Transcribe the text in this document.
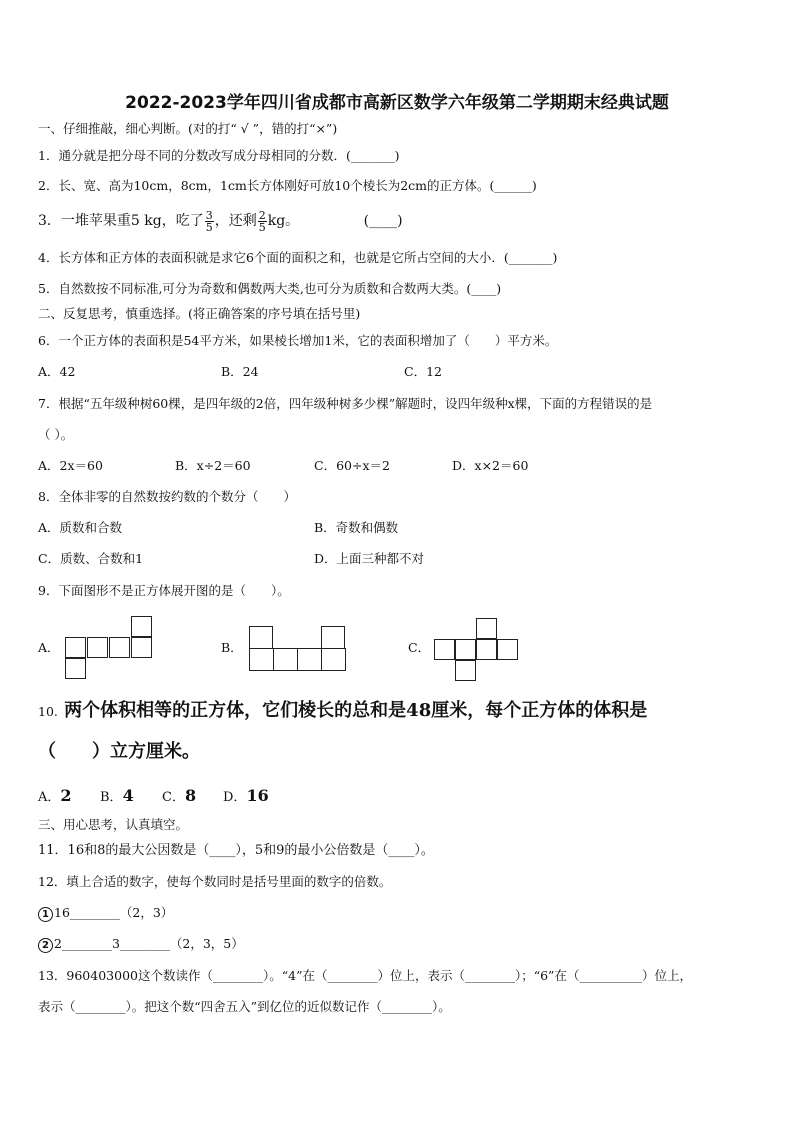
2022-2023学年四川省成都市高新区数学六年级第二学期期末经典试题
一、仔细推敲，细心判断。(对的打“ √ ”，错的打“×”)
1．通分就是把分母不同的分数改写成分母相同的分数．(_______)
2．长、宽、高为10cm，8cm，1cm长方体刚好可放10个棱长为2cm的正方体。(______)
3．一堆苹果重5 kg，吃了 $\frac{3}{5}$ ，还剩 $\frac{2}{5}$ kg。	(____)
4．长方体和正方体的表面积就是求它6个面的面积之和，也就是它所占空间的大小．(_______)
5．自然数按不同标准,可分为奇数和偶数两大类,也可分为质数和合数两大类。(____)
二、反复思考，慎重选择。(将正确答案的序号填在括号里)
6．一个正方体的表面积是54平方米，如果棱长增加1米，它的表面积增加了（　　）平方米。
A．42	B．24	C．12
7．根据“五年级种树60棵，是四年级的2倍，四年级种树多少棵”解题时，设四年级种x棵，下面的方程错误的是
（ ）。
A．2x＝60	B．x÷2＝60	C．60÷x＝2	D．x×2＝60
8．全体非零的自然数按约数的个数分（　　）
A．质数和合数	B．奇数和偶数
C．质数、合数和1	D．上面三种都不对
9．下面图形不是正方体展开图的是（　　）。
A．	B．	C．
10. 两个体积相等的正方体，它们棱长的总和是48厘米，每个正方体的体积是
（　　）立方厘米。
A．2 B．4 C．8 D．16
三、用心思考，认真填空。
11．16和8的最大公因数是（____），5和9的最小公倍数是（____）。
12．填上合适的数字，使每个数同时是括号里面的数字的倍数。
1 16________（2，3）
2 2________3________（2，3，5）
13．960403000这个数读作（________）。“4”在（________）位上，表示（________）；“6”在（__________）位上，
表示（________）。把这个数“四舍五入”到亿位的近似数记作（________）。
